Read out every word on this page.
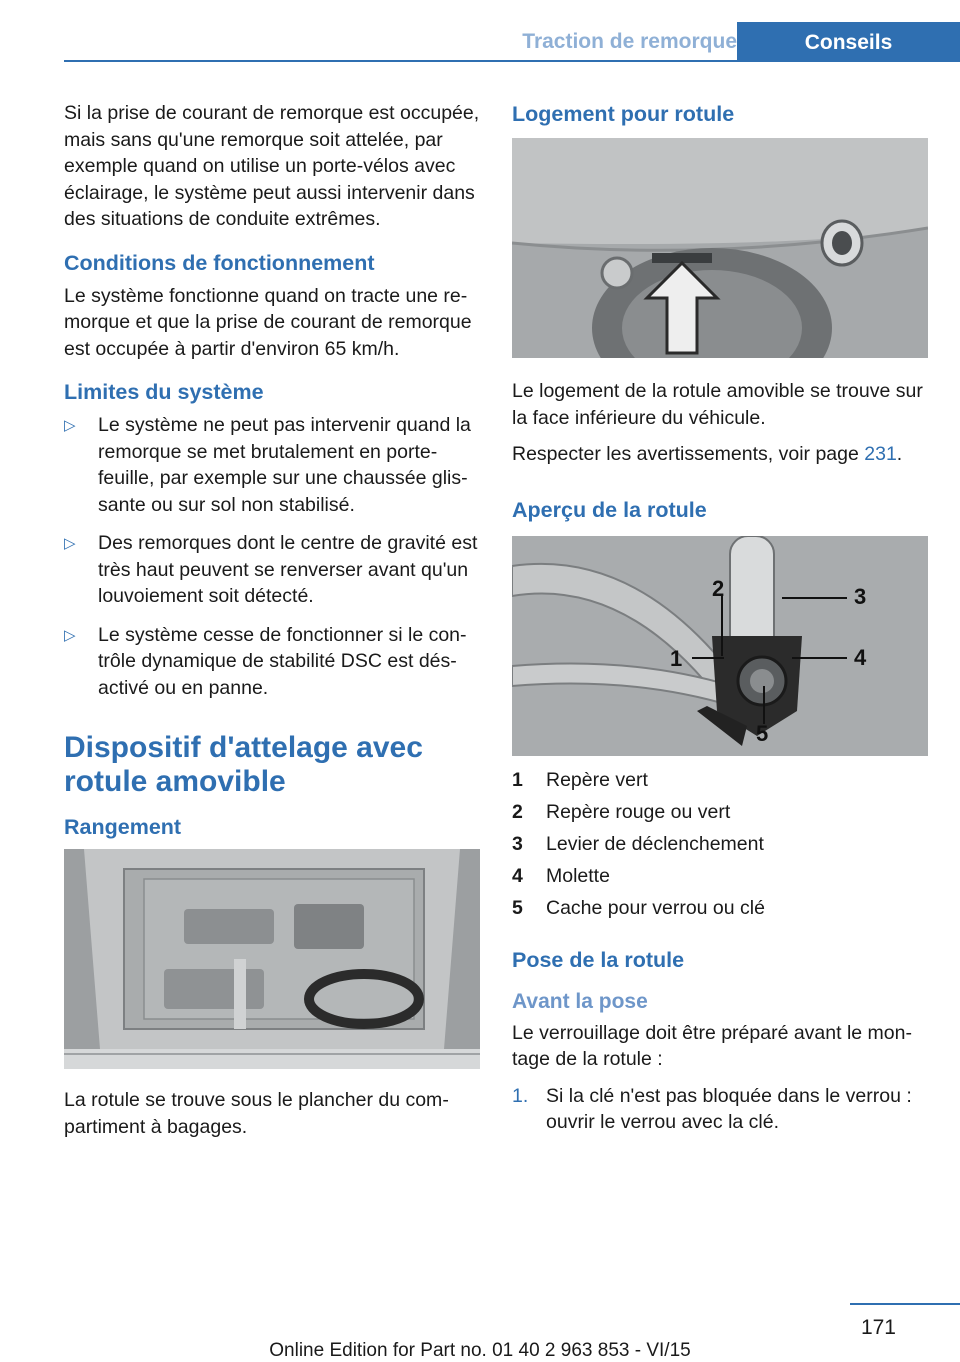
Traction de remorque	Conseils

Si la prise de courant de remorque est occupée, mais sans qu'une remorque soit attelée, par exemple quand on utilise un porte-vélos avec éclairage, le système peut aussi intervenir dans des situations de conduite extrêmes.

Conditions de fonctionnement

Le système fonctionne quand on tracte une remorque et que la prise de courant de remorque est occupée à partir d'environ 65 km/h.

Limites du système
▷ Le système ne peut pas intervenir quand la remorque se met brutalement en porte-feuille, par exemple sur une chaussée glissante ou sur sol non stabilisé.
▷ Des remorques dont le centre de gravité est très haut peuvent se renverser avant qu'un louvoiement soit détecté.
▷ Le système cesse de fonctionner si le contrôle dynamique de stabilité DSC est désactivé ou en panne.
Dispositif d'attelage avec rotule amovible
Rangement

La rotule se trouve sous le plancher du compartiment à bagages.

Logement pour rotule

Le logement de la rotule amovible se trouve sur la face inférieure du véhicule.

Respecter les avertissements, voir page 231.

Aperçu de la rotule
1
2	3
4
5
1	Repère vert
2	Repère rouge ou vert
3	Levier de déclenchement
4	Molette
5	Cache pour verrou ou clé
Pose de la rotule
Avant la pose

Le verrouillage doit être préparé avant le montage de la rotule :

1. Si la clé n'est pas bloquée dans le verrou : ouvrir le verrou avec la clé.
171
Online Edition for Part no. 01 40 2 963 853 - VI/15
